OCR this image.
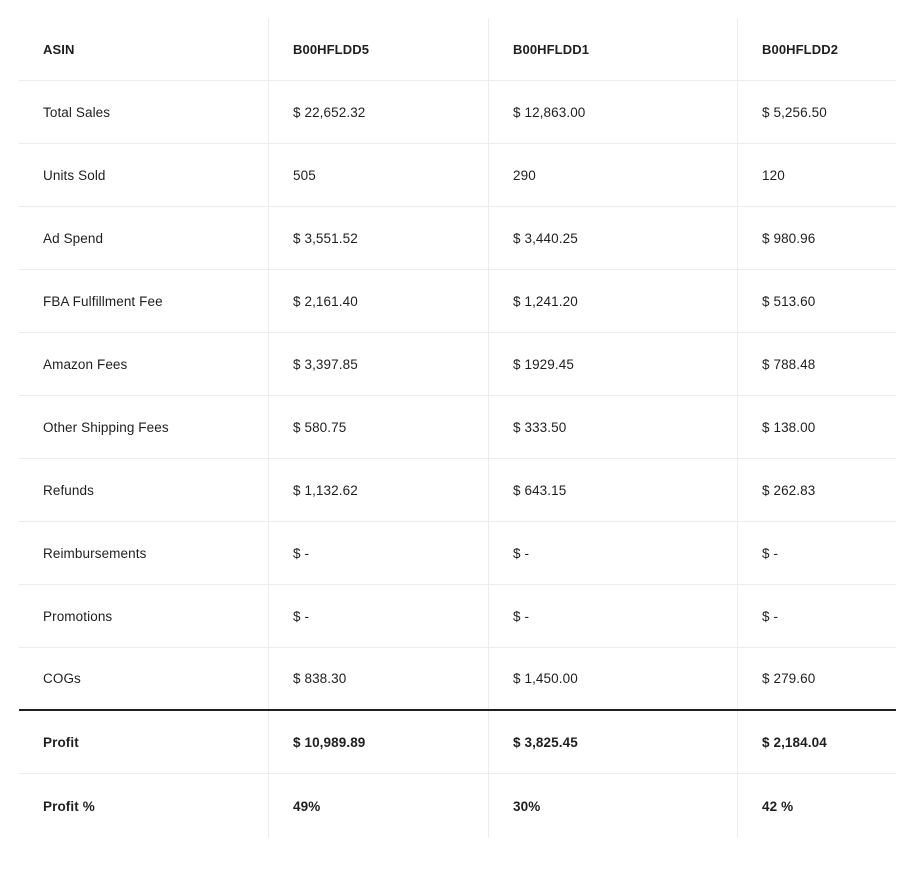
ASIN	B00HFLDD5	B00HFLDD1	B00HFLDD2
Total Sales	$ 22,652.32	$ 12,863.00	$ 5,256.50
Units Sold	505	290	120
Ad Spend	$ 3,551.52	$ 3,440.25	$ 980.96
FBA Fulfillment Fee	$ 2,161.40	$ 1,241.20	$ 513.60
Amazon Fees	$ 3,397.85	$ 1929.45	$ 788.48
Other Shipping Fees	$ 580.75	$ 333.50	$ 138.00
Refunds	$ 1,132.62	$ 643.15	$ 262.83
Reimbursements	$ -	$ -	$ -
Promotions	$ -	$ -	$ -
COGs	$ 838.30	$ 1,450.00	$ 279.60
Profit	$ 10,989.89	$ 3,825.45	$ 2,184.04
Profit %	49%	30%	42 %
